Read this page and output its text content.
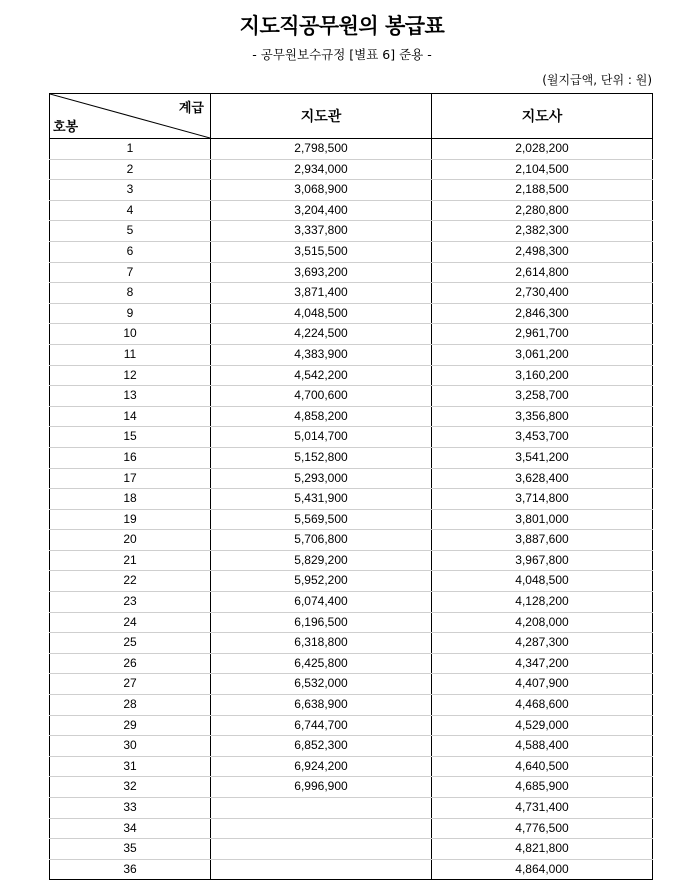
지도직공무원의 봉급표
- 공무원보수규정 [별표 6] 준용 -
(월지급액, 단위 : 원)
계급
호봉	지도관	지도사
1	2,798,500	2,028,200
2	2,934,000	2,104,500
3	3,068,900	2,188,500
4	3,204,400	2,280,800
5	3,337,800	2,382,300
6	3,515,500	2,498,300
7	3,693,200	2,614,800
8	3,871,400	2,730,400
9	4,048,500	2,846,300
10	4,224,500	2,961,700
11	4,383,900	3,061,200
12	4,542,200	3,160,200
13	4,700,600	3,258,700
14	4,858,200	3,356,800
15	5,014,700	3,453,700
16	5,152,800	3,541,200
17	5,293,000	3,628,400
18	5,431,900	3,714,800
19	5,569,500	3,801,000
20	5,706,800	3,887,600
21	5,829,200	3,967,800
22	5,952,200	4,048,500
23	6,074,400	4,128,200
24	6,196,500	4,208,000
25	6,318,800	4,287,300
26	6,425,800	4,347,200
27	6,532,000	4,407,900
28	6,638,900	4,468,600
29	6,744,700	4,529,000
30	6,852,300	4,588,400
31	6,924,200	4,640,500
32	6,996,900	4,685,900
33		4,731,400
34		4,776,500
35		4,821,800
36		4,864,000
